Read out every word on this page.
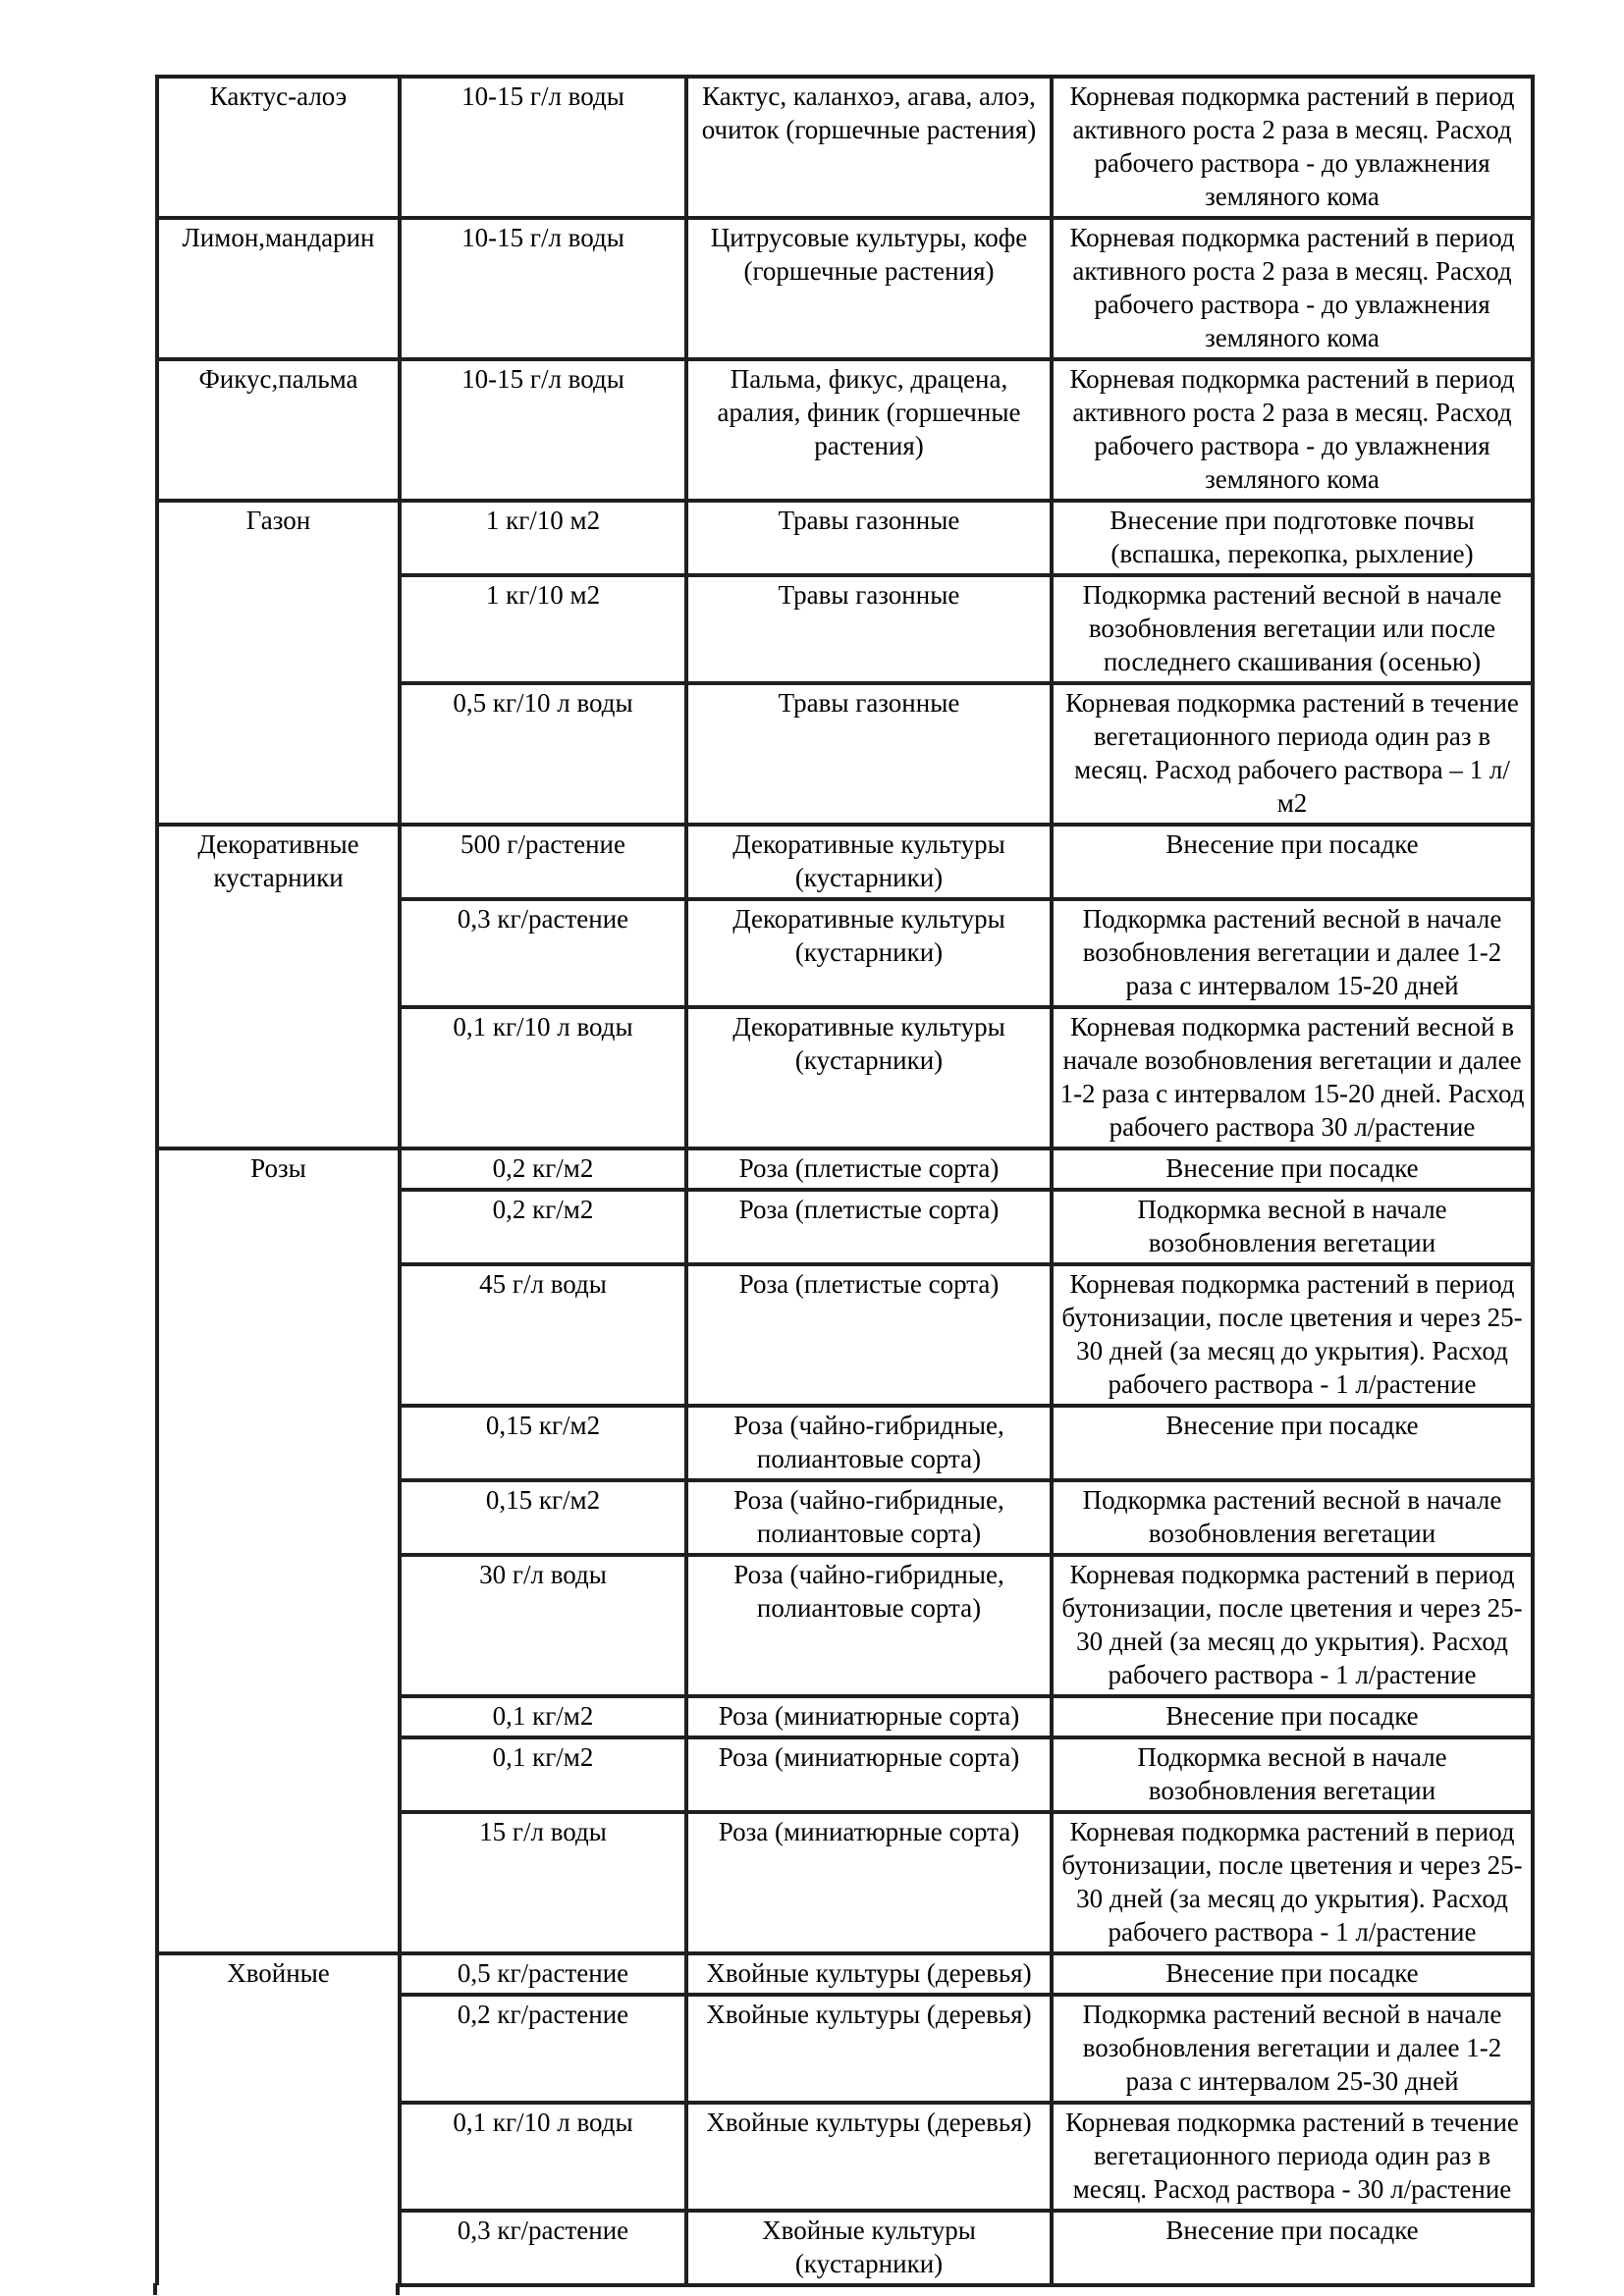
Кактус-алоэ	10-15 г/л воды	Кактус, каланхоэ, агава, алоэ, очиток (горшечные растения)	Корневая подкормка растений в период активного роста 2 раза в месяц. Расход рабочего раствора - до увлажнения земляного кома
Лимон,мандарин	10-15 г/л воды	Цитрусовые культуры, кофе (горшечные растения)	Корневая подкормка растений в период активного роста 2 раза в месяц. Расход рабочего раствора - до увлажнения земляного кома
Фикус,пальма	10-15 г/л воды	Пальма, фикус, драцена, аралия, финик (горшечные растения)	Корневая подкормка растений в период активного роста 2 раза в месяц. Расход рабочего раствора - до увлажнения земляного кома
Газон	1 кг/10 м2	Травы газонные	Внесение при подготовке почвы (вспашка, перекопка, рыхление)
	1 кг/10 м2	Травы газонные	Подкормка растений весной в начале возобновления вегетации или после последнего скашивания (осенью)
	0,5 кг/10 л воды	Травы газонные	Корневая подкормка растений в течение вегетационного периода один раз в месяц. Расход рабочего раствора – 1 л/м2
Декоративные кустарники	500 г/растение	Декоративные культуры (кустарники)	Внесение при посадке
	0,3 кг/растение	Декоративные культуры (кустарники)	Подкормка растений весной в начале возобновления вегетации и далее 1-2 раза с интервалом 15-20 дней
	0,1 кг/10 л воды	Декоративные культуры (кустарники)	Корневая подкормка растений весной в начале возобновления вегетации и далее 1-2 раза с интервалом 15-20 дней. Расход рабочего раствора 30 л/растение
Розы	0,2 кг/м2	Роза (плетистые сорта)	Внесение при посадке
	0,2 кг/м2	Роза (плетистые сорта)	Подкормка весной в начале возобновления вегетации
	45 г/л воды	Роза (плетистые сорта)	Корневая подкормка растений в период бутонизации, после цветения и через 25-30 дней (за месяц до укрытия). Расход рабочего раствора - 1 л/растение
	0,15 кг/м2	Роза (чайно-гибридные, полиантовые сорта)	Внесение при посадке
	0,15 кг/м2	Роза (чайно-гибридные, полиантовые сорта)	Подкормка растений весной в начале возобновления вегетации
	30 г/л воды	Роза (чайно-гибридные, полиантовые сорта)	Корневая подкормка растений в период бутонизации, после цветения и через 25-30 дней (за месяц до укрытия). Расход рабочего раствора - 1 л/растение
	0,1 кг/м2	Роза (миниатюрные сорта)	Внесение при посадке
	0,1 кг/м2	Роза (миниатюрные сорта)	Подкормка весной в начале возобновления вегетации
	15 г/л воды	Роза (миниатюрные сорта)	Корневая подкормка растений в период бутонизации, после цветения и через 25-30 дней (за месяц до укрытия). Расход рабочего раствора - 1 л/растение
Хвойные	0,5 кг/растение	Хвойные культуры (деревья)	Внесение при посадке
	0,2 кг/растение	Хвойные культуры (деревья)	Подкормка растений весной в начале возобновления вегетации и далее 1-2 раза с интервалом 25-30 дней
	0,1 кг/10 л воды	Хвойные культуры (деревья)	Корневая подкормка растений в течение вегетационного периода один раз в месяц. Расход раствора - 30 л/растение
	0,3 кг/растение	Хвойные культуры (кустарники)	Внесение при посадке
